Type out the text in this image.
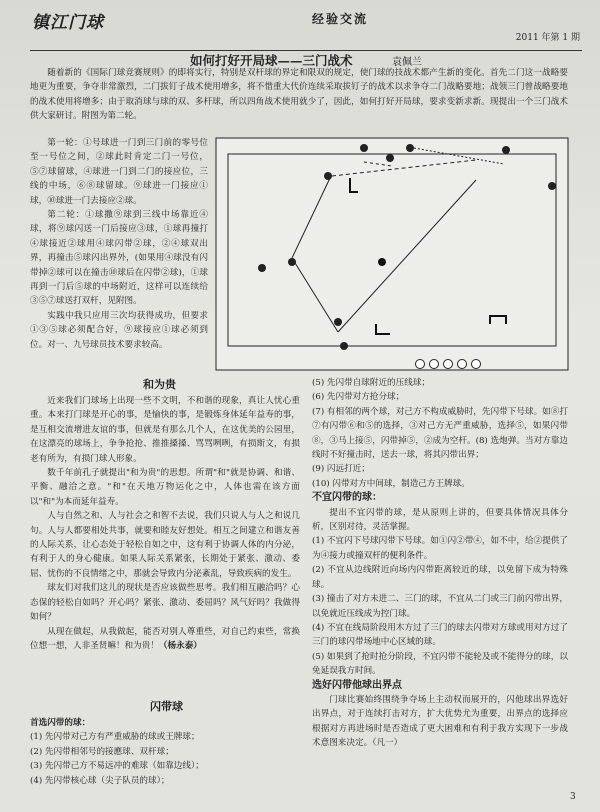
镇江门球	经验交流
2011 年第 1 期
如何打好开局球——三门战术	袁佩兰

随着新的《国际门球竞赛规则》的即将实行，特别是双杆球的界定和限双的规定，使门球的技战术都产生新的变化。首先二门这一战略要地更为重要，争夺非常激烈，二门拔钉子战术使用增多，将不惜重大代价连续采取拔钉子的战术以求争夺二门战略要地；战领三门曾战略要地的战术使用将增多；由于取消球与球的双、多杆球，所以四角战术使用就少了，因此，如何打好开局球，要求变新求新。现提出一个三门战术供大家研讨。附图为第二轮。

第一轮：①号球进一门到三门前的零号位至一号位之间，②球此时肯定二门一号位，⑤⑦球留球，④球进一门到二门的接应位，三线的中场，⑥⑧球留球。⑨球进一门接应①球，⑩球进一门去接应②球。

第二轮：①球撒⑨球到三线中场靠近④球，将⑨球闪送一门后接应③球，①球再撞打④球接近②球用④球闪带②球，②④球双出界，再撞击⑤球闪出界外，(如果用④球没有闪带掉②球可以在撞击⑩球后在闪带②球)，①球再到一门后⑤球的中场附近，这样可以连续给③⑤⑦球送打双杆，见附图。

实践中我只应用三次均获得成功，但要求①③⑤球必须配合好，⑨球接应①球必须到位。对一、九号球员技术要求较高。

和为贵

近来我们门球场上出现一些不文明，不和谐的现象，真让人忧心重重。本来打门球是开心的事，是愉快的事，是锻炼身体延年益寿的事，是互相交流增进友谊的事，但就是有那么几个人，在这优美的公园里，在这漂亮的球场上，争争抢抢、推推搡搡、骂骂咧咧，有损斯文，有损老有所为，有损门球人形象。

数千年前孔子就提出"和为贵"的思想。所谓"和"就是协调、和谐、平衡、融洽之意。"和"在天地万物运化之中，人体也需在该方面以"和"为本而延年益寿。

人与自然之和、人与社会之和智不去说，我们只说人与人之和说几句。人与人都要相处共事，就要和睦友好想处。相互之间建立和谐友善的人际关系，让心态处于轻松自如之中，这有利于协调人体的内分泌，有利于人的身心健康。如果人际关系紧张，长期处于紧张、激动、委屈、忧伤的不良情绪之中，那就会导致内分泌紊乱，导致疾病的发生。

球友们对我们这儿的现状是否应该做些思考。我们相互融洽吗？心态保的轻松自如吗？开心吗？紧张、激动、委屈吗？风气好吗？我做得如何？

从现在做起，从我做起，能否对别人尊重些，对自己约束些，常换位想一想，人非圣贤嘛！和为贵！（杨永泰）

闪带球

首选闪带的球：

(1) 先闪带对己方有严重威胁的球或王牌球；

(2) 先闪带相邻号的接應球、双杆球；

(3) 先闪带己方不易远冲的难球（如靠边线）；

(4) 先闪带核心球（尖子队员的球）；

(5) 先闪带自球附近的压线球；

(6) 先闪带对方抢分球；

(7) 有相邻的两个球，对己方不构成威胁时，先闪带下号球。如⑧打⑦有闪带⑥和⑤的选择，③对己方无严重威胁，选择⑤，如果闪带⑧，③马上接⑤，闪带掉⑤，②成为空杆。(8) 选炮弹。当对方靠边线时不好撞击时，送去一球，将其闪带出界；

(9) 闪远打近；

(10) 闪带对方中间球，制造己方王牌球。

不宜闪带的球：

提出不宜闪带的球，是从原则上讲的，但要具体情况具体分析，区别对待，灵活掌握。

(1) 不宜闪下号球闪带下号球。如①闪②带④，如不中，给②提供了为④接力或撞双杆的便利条件。

(2) 不宜从边线附近向场内闪带距离较近的球，以免留下成为特殊球。

(3) 撞击了对方未进二、三门的球，不宜从二门或三门前闪带出界，以免就近压线成为控门球。

(4) 不宜在线局阶段用木方过了三门的球去闪带对方球或用对方过了三门的球闪带场地中心区域的球。

(5) 如果到了抢时抢分阶段，不宜闪带不能轮及或不能得分的球，以免延误我方时间。

选好闪带他球出界点

门球比赛始终围绕争夺场上主动权而展开的，闪他球出界选好出界点，对于连续打击对方，扩大优势尤为重要，出界点的选择应根据对方再进场时是否造成了更大困难和有利于我方实现下一步战术意图来决定。（凡一）

3
